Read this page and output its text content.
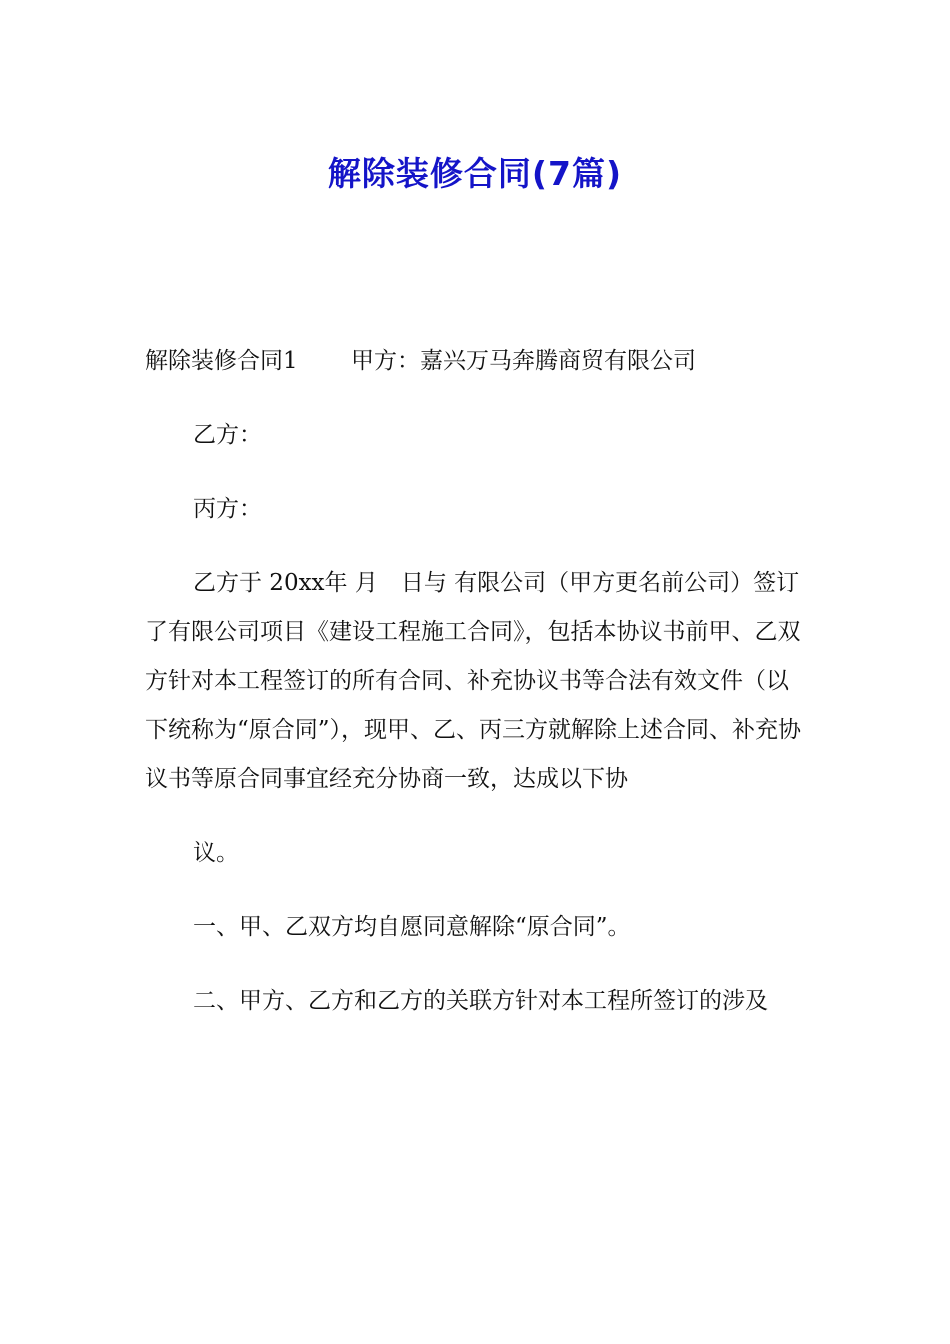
解除装修合同(7篇)

解除装修合同1　　 甲方：嘉兴万马奔腾商贸有限公司

乙方：

丙方：

乙方于 20xx年 月　日与 有限公司（甲方更名前公司）签订了有限公司项目《建设工程施工合同》，包括本协议书前甲、乙双方针对本工程签订的所有合同、补充协议书等合法有效文件（以下统称为“原合同”），现甲、乙、丙三方就解除上述合同、补充协议书等原合同事宜经充分协商一致，达成以下协

议。

一、甲、乙双方均自愿同意解除“原合同”。

二、甲方、乙方和乙方的关联方针对本工程所签订的涉及
